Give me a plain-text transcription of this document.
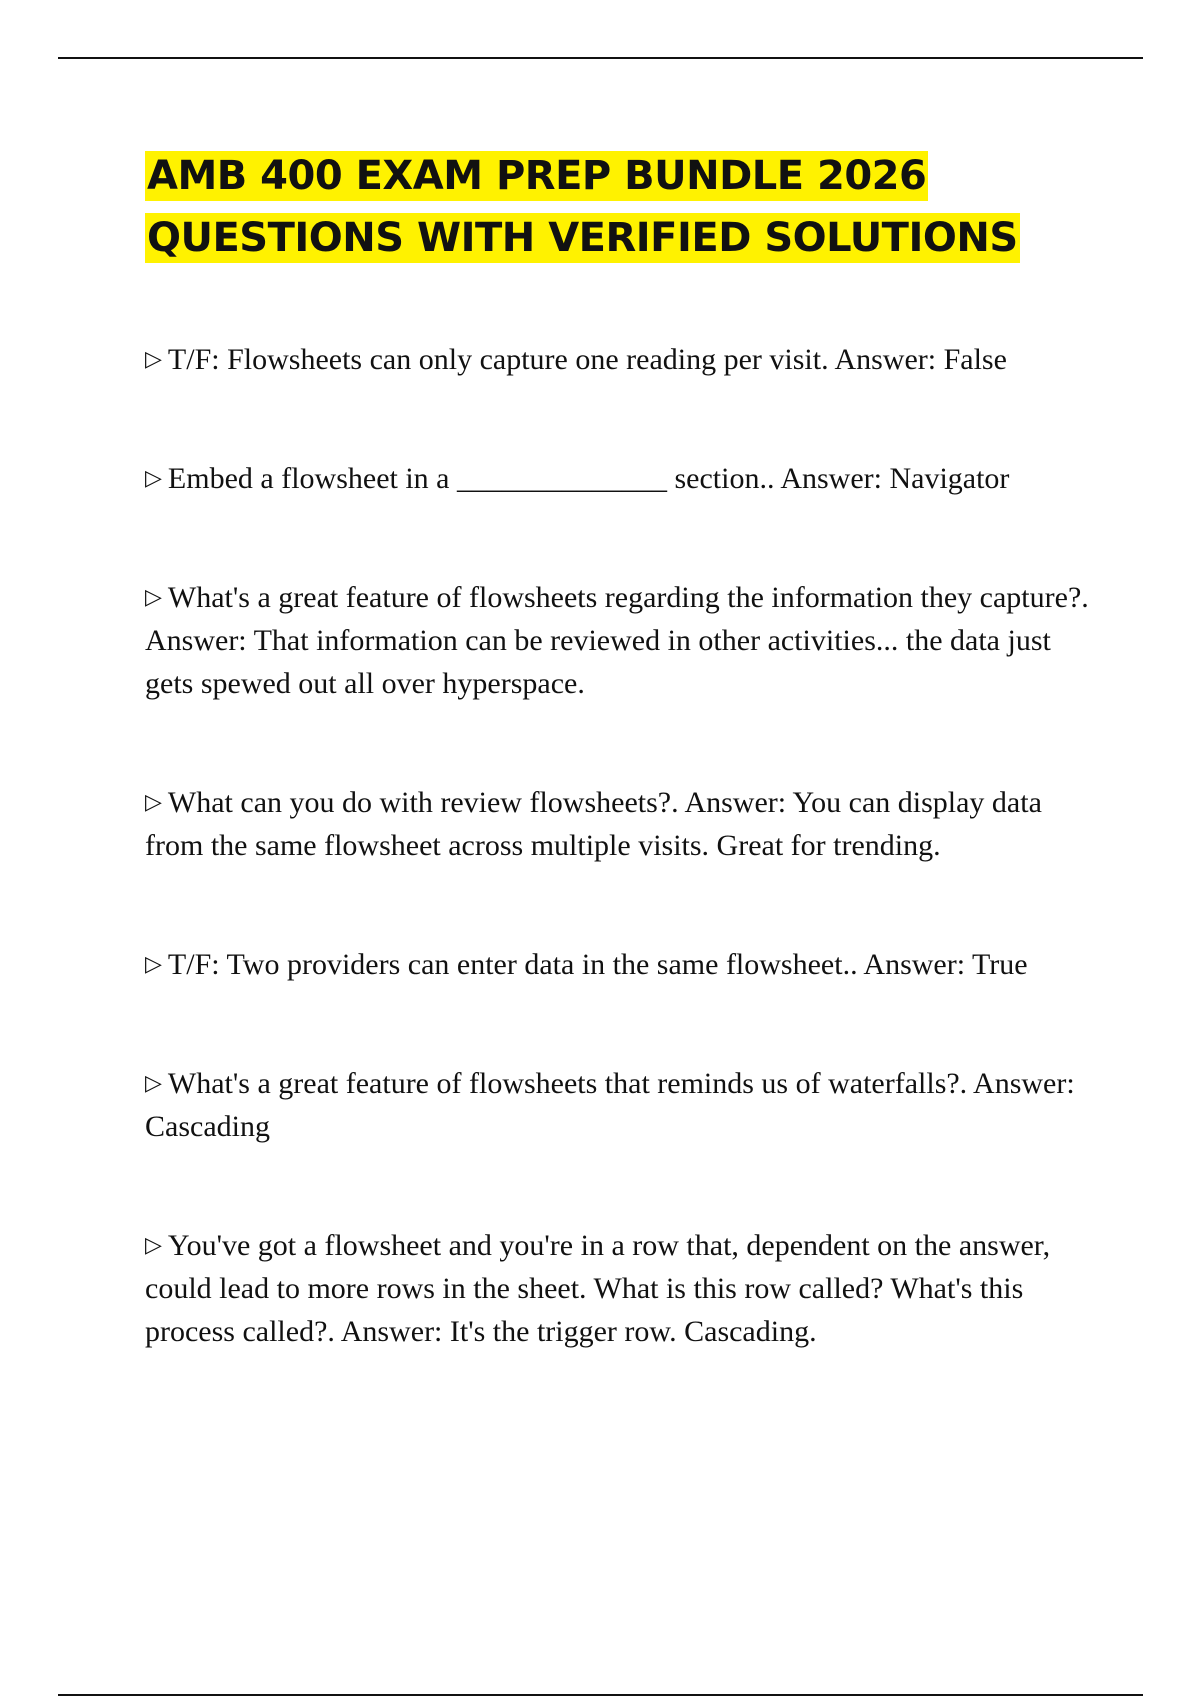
AMB 400 EXAM PREP BUNDLE 2026
QUESTIONS WITH VERIFIED SOLUTIONS
▷ T/F: Flowsheets can only capture one reading per visit. Answer: False
▷ Embed a flowsheet in a ______________ section.. Answer: Navigator
▷ What's a great feature of flowsheets regarding the information they capture?. Answer: That information can be reviewed in other activities... the data just gets spewed out all over hyperspace.
▷ What can you do with review flowsheets?. Answer: You can display data from the same flowsheet across multiple visits. Great for trending.
▷ T/F: Two providers can enter data in the same flowsheet.. Answer: True
▷ What's a great feature of flowsheets that reminds us of waterfalls?. Answer: Cascading
▷ You've got a flowsheet and you're in a row that, dependent on the answer, could lead to more rows in the sheet. What is this row called? What's this process called?. Answer: It's the trigger row. Cascading.
